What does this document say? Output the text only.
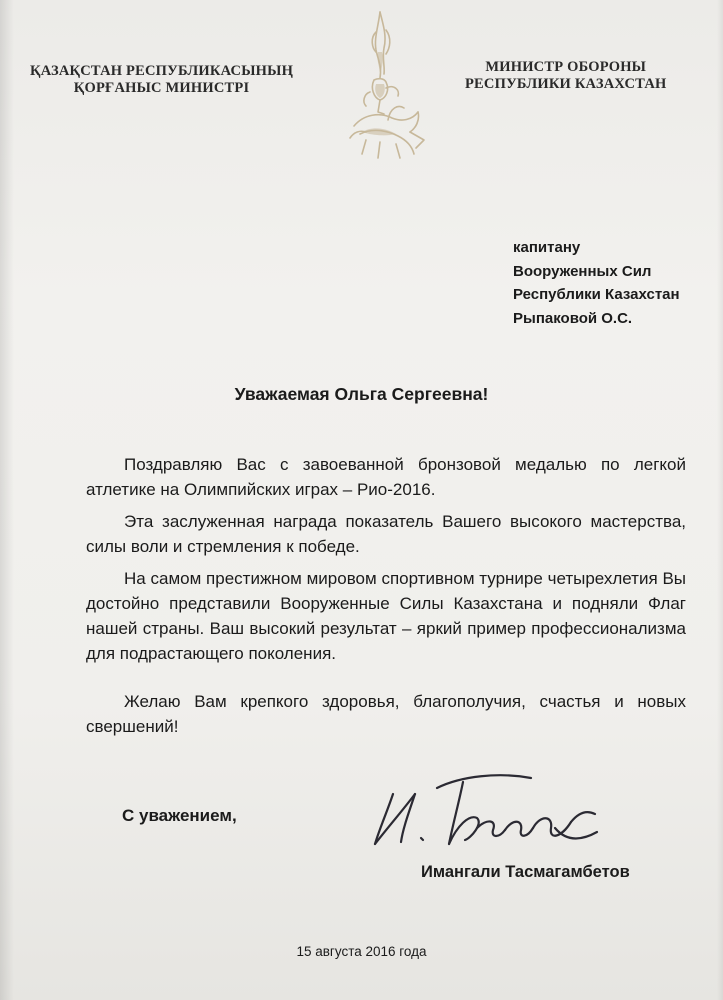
ҚАЗАҚСТАН РЕСПУБЛИКАСЫНЫҢ
ҚОРҒАНЫС МИНИСТРІ
МИНИСТР ОБОРОНЫ
РЕСПУБЛИКИ КАЗАХСТАН
капитану
Вооруженных Сил
Республики Казахстан
Рыпаковой О.С.
Уважаемая Ольга Сергеевна!
Поздравляю Вас с завоеванной бронзовой медалью по легкой атлетике на Олимпийских играх – Рио-2016.
Эта заслуженная награда показатель Вашего высокого мастерства, силы воли и стремления к победе.
На самом престижном мировом спортивном турнире четырехлетия Вы достойно представили Вооруженные Силы Казахстана и подняли Флаг нашей страны. Ваш высокий результат – яркий пример профессионализма для подрастающего поколения.
Желаю Вам крепкого здоровья, благополучия, счастья и новых свершений!
С уважением,
Имангали Тасмагамбетов
15 августа 2016 года
